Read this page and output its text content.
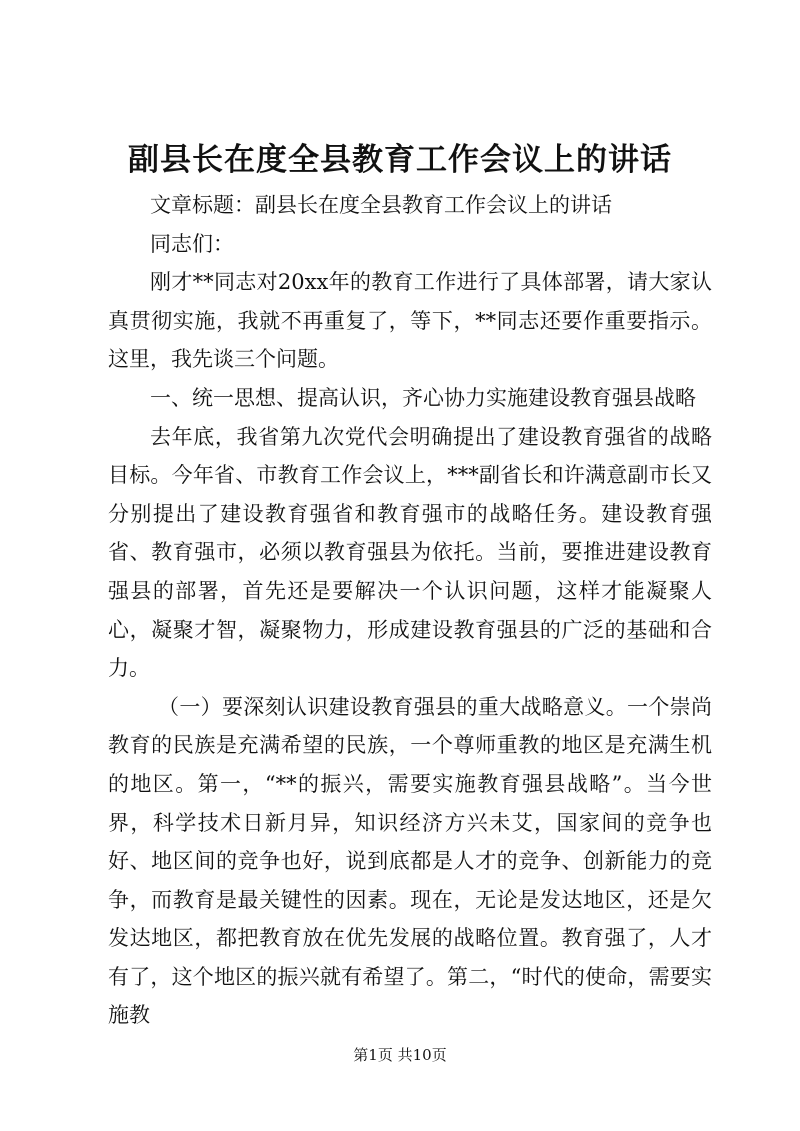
副县长在度全县教育工作会议上的讲话

文章标题：副县长在度全县教育工作会议上的讲话

同志们：

刚才**同志对20xx年的教育工作进行了具体部署，请大家认真贯彻实施，我就不再重复了，等下，**同志还要作重要指示。这里，我先谈三个问题。

一、统一思想、提高认识，齐心协力实施建设教育强县战略

去年底，我省第九次党代会明确提出了建设教育强省的战略目标。今年省、市教育工作会议上，***副省长和许满意副市长又分别提出了建设教育强省和教育强市的战略任务。建设教育强省、教育强市，必须以教育强县为依托。当前，要推进建设教育强县的部署，首先还是要解决一个认识问题，这样才能凝聚人心，凝聚才智，凝聚物力，形成建设教育强县的广泛的基础和合力。

（一）要深刻认识建设教育强县的重大战略意义。一个崇尚教育的民族是充满希望的民族，一个尊师重教的地区是充满生机的地区。第一，“**的振兴，需要实施教育强县战略”。当今世界，科学技术日新月异，知识经济方兴未艾，国家间的竞争也好、地区间的竞争也好，说到底都是人才的竞争、创新能力的竞争，而教育是最关键性的因素。现在，无论是发达地区，还是欠发达地区，都把教育放在优先发展的战略位置。教育强了，人才有了，这个地区的振兴就有希望了。第二，“时代的使命，需要实施教

第1页 共10页
